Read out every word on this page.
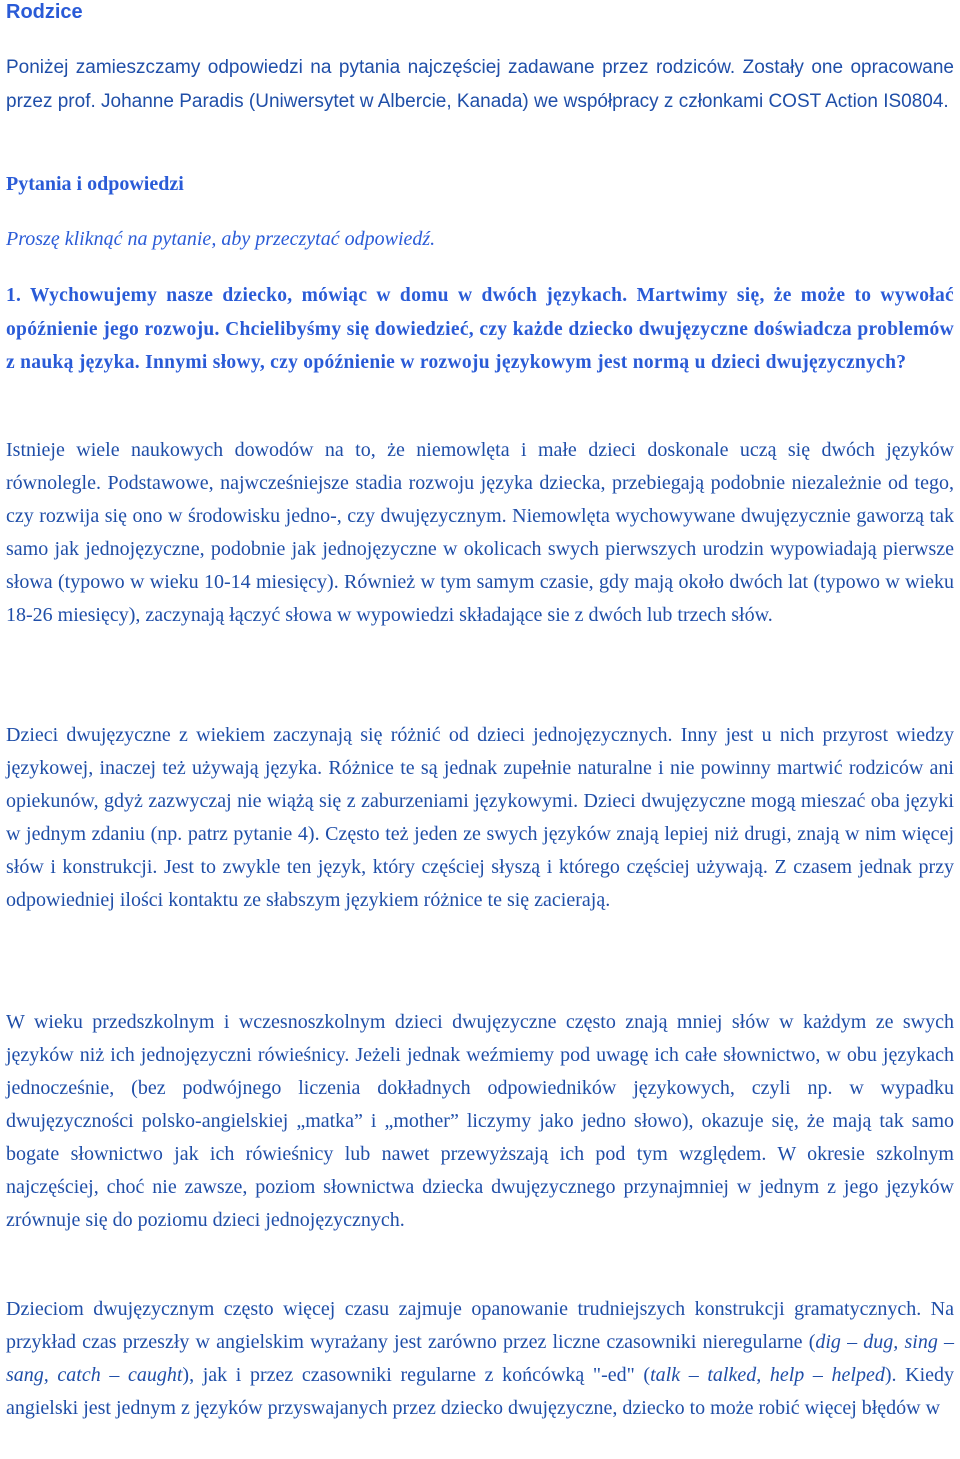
Rodzice

Poniżej zamieszczamy odpowiedzi na pytania najczęściej zadawane przez rodziców. Zostały one opracowane przez prof. Johanne Paradis (Uniwersytet w Albercie, Kanada) we współpracy z członkami COST Action IS0804.

Pytania i odpowiedzi

Proszę kliknąć na pytanie, aby przeczytać odpowiedź.

1. Wychowujemy nasze dziecko, mówiąc w domu w dwóch językach. Martwimy się, że może to wywołać opóźnienie jego rozwoju. Chcielibyśmy się dowiedzieć, czy każde dziecko dwujęzyczne doświadcza problemów z nauką języka. Innymi słowy, czy opóźnienie w rozwoju językowym jest normą u dzieci dwujęzycznych?

Istnieje wiele naukowych dowodów na to, że niemowlęta i małe dzieci doskonale uczą się dwóch języków równolegle. Podstawowe, najwcześniejsze stadia rozwoju języka dziecka, przebiegają podobnie niezależnie od tego, czy rozwija się ono w środowisku jedno-, czy dwujęzycznym. Niemowlęta wychowywane dwujęzycznie gaworzą tak samo jak jednojęzyczne, podobnie jak jednojęzyczne w okolicach swych pierwszych urodzin wypowiadają pierwsze słowa (typowo w wieku 10-14 miesięcy). Również w tym samym czasie, gdy mają około dwóch lat (typowo w wieku 18-26 miesięcy), zaczynają łączyć słowa w wypowiedzi składające sie z dwóch lub trzech słów.

Dzieci dwujęzyczne z wiekiem zaczynają się różnić od dzieci jednojęzycznych. Inny jest u nich przyrost wiedzy językowej, inaczej też używają języka. Różnice te są jednak zupełnie naturalne i nie powinny martwić rodziców ani opiekunów, gdyż zazwyczaj nie wiążą się z zaburzeniami językowymi. Dzieci dwujęzyczne mogą mieszać oba języki w jednym zdaniu (np. patrz pytanie 4). Często też jeden ze swych języków znają lepiej niż drugi, znają w nim więcej słów i konstrukcji. Jest to zwykle ten język, który częściej słyszą i którego częściej używają. Z czasem jednak przy odpowiedniej ilości kontaktu ze słabszym językiem różnice te się zacierają.

W wieku przedszkolnym i wczesnoszkolnym dzieci dwujęzyczne często znają mniej słów w każdym ze swych języków niż ich jednojęzyczni rówieśnicy. Jeżeli jednak weźmiemy pod uwagę ich całe słownictwo, w obu językach jednocześnie, (bez podwójnego liczenia dokładnych odpowiedników językowych, czyli np. w wypadku dwujęzyczności polsko-angielskiej „matka” i „mother” liczymy jako jedno słowo), okazuje się, że mają tak samo bogate słownictwo jak ich rówieśnicy lub nawet przewyższają ich pod tym względem. W okresie szkolnym najczęściej, choć nie zawsze, poziom słownictwa dziecka dwujęzycznego przynajmniej w jednym z jego języków zrównuje się do poziomu dzieci jednojęzycznych.

Dzieciom dwujęzycznym często więcej czasu zajmuje opanowanie trudniejszych konstrukcji gramatycznych. Na przykład czas przeszły w angielskim wyrażany jest zarówno przez liczne czasowniki nieregularne (dig – dug, sing – sang, catch – caught), jak i przez czasowniki regularne z końcówką "-ed" (talk – talked, help – helped). Kiedy angielski jest jednym z języków przyswajanych przez dziecko dwujęzyczne, dziecko to może robić więcej błędów w
